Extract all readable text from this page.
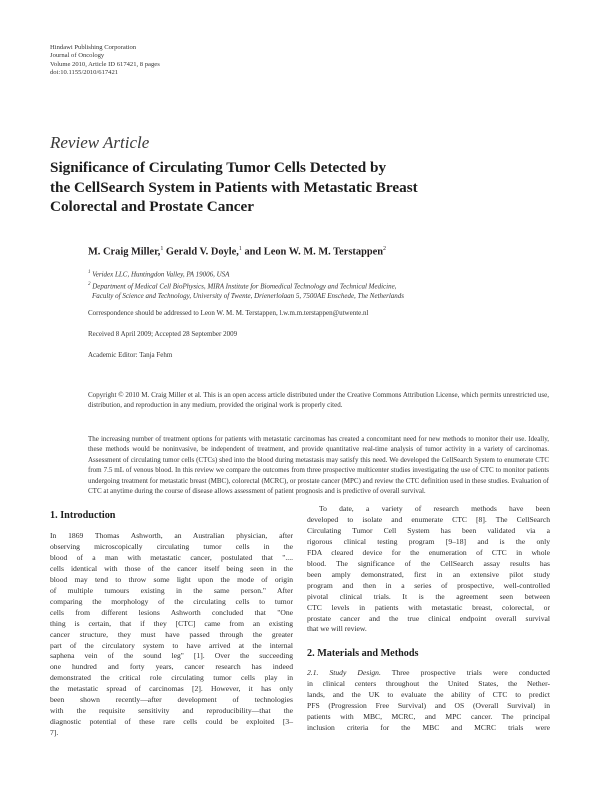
Hindawi Publishing Corporation
Journal of Oncology
Volume 2010, Article ID 617421, 8 pages
doi:10.1155/2010/617421
Review Article
Significance of Circulating Tumor Cells Detected by
the CellSearch System in Patients with Metastatic Breast
Colorectal and Prostate Cancer
M. Craig Miller,$^1$ Gerald V. Doyle,$^1$ and Leon W. M. M. Terstappen$^2$
$^1$ Veridex LLC, Huntingdon Valley, PA 19006, USA
$^2$ Department of Medical Cell BioPhysics, MIRA Institute for Biomedical Technology and Technical Medicine,
Faculty of Science and Technology, University of Twente, Drienerlolaan 5, 7500AE Enschede, The Netherlands
Correspondence should be addressed to Leon W. M. M. Terstappen, l.w.m.m.terstappen@utwente.nl
Received 8 April 2009; Accepted 28 September 2009
Academic Editor: Tanja Fehm
Copyright © 2010 M. Craig Miller et al. This is an open access article distributed under the Creative Commons Attribution License, which permits unrestricted use, distribution, and reproduction in any medium, provided the original work is properly cited.
The increasing number of treatment options for patients with metastatic carcinomas has created a concomitant need for new methods to monitor their use. Ideally, these methods would be noninvasive, be independent of treatment, and provide quantitative real-time analysis of tumor activity in a variety of carcinomas. Assessment of circulating tumor cells (CTCs) shed into the blood during metastasis may satisfy this need. We developed the CellSearch System to enumerate CTC from 7.5 mL of venous blood. In this review we compare the outcomes from three prospective multicenter studies investigating the use of CTC to monitor patients undergoing treatment for metastatic breast (MBC), colorectal (MCRC), or prostate cancer (MPC) and review the CTC definition used in these studies. Evaluation of CTC at anytime during the course of disease allows assessment of patient prognosis and is predictive of overall survival.
1. Introduction
In 1869 Thomas Ashworth, an Australian physician, after
observing microscopically circulating tumor cells in the
blood of a man with metastatic cancer, postulated that "....
cells identical with those of the cancer itself being seen in the
blood may tend to throw some light upon the mode of origin
of multiple tumours existing in the same person." After
comparing the morphology of the circulating cells to tumor
cells from different lesions Ashworth concluded that "One
thing is certain, that if they [CTC] came from an existing
cancer structure, they must have passed through the greater
part of the circulatory system to have arrived at the internal
saphena vein of the sound leg" [1]. Over the succeeding
one hundred and forty years, cancer research has indeed
demonstrated the critical role circulating tumor cells play in
the metastatic spread of carcinomas [2]. However, it has only
been shown recently—after development of technologies
with the requisite sensitivity and reproducibility—that the
diagnostic potential of these rare cells could be exploited [3–
7].
To date, a variety of research methods have been
developed to isolate and enumerate CTC [8]. The CellSearch
Circulating Tumor Cell System has been validated via a
rigorous clinical testing program [9–18] and is the only
FDA cleared device for the enumeration of CTC in whole
blood. The significance of the CellSearch assay results has
been amply demonstrated, first in an extensive pilot study
program and then in a series of prospective, well-controlled
pivotal clinical trials. It is the agreement seen between
CTC levels in patients with metastatic breast, colorectal, or
prostate cancer and the true clinical endpoint overall survival
that we will review.
2. Materials and Methods
2.1. Study Design. Three prospective trials were conducted
in clinical centers throughout the United States, the Nether-
lands, and the UK to evaluate the ability of CTC to predict
PFS (Progression Free Survival) and OS (Overall Survival) in
patients with MBC, MCRC, and MPC cancer. The principal
inclusion criteria for the MBC and MCRC trials were
